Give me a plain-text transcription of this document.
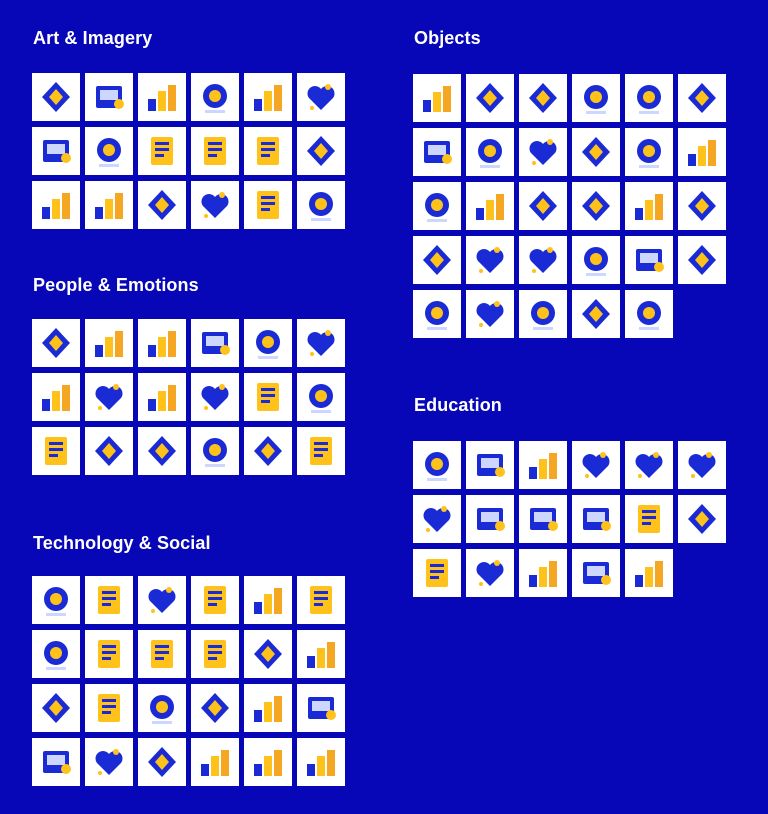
Art & Imagery
People & Emotions
Technology & Social
Objects
Education
